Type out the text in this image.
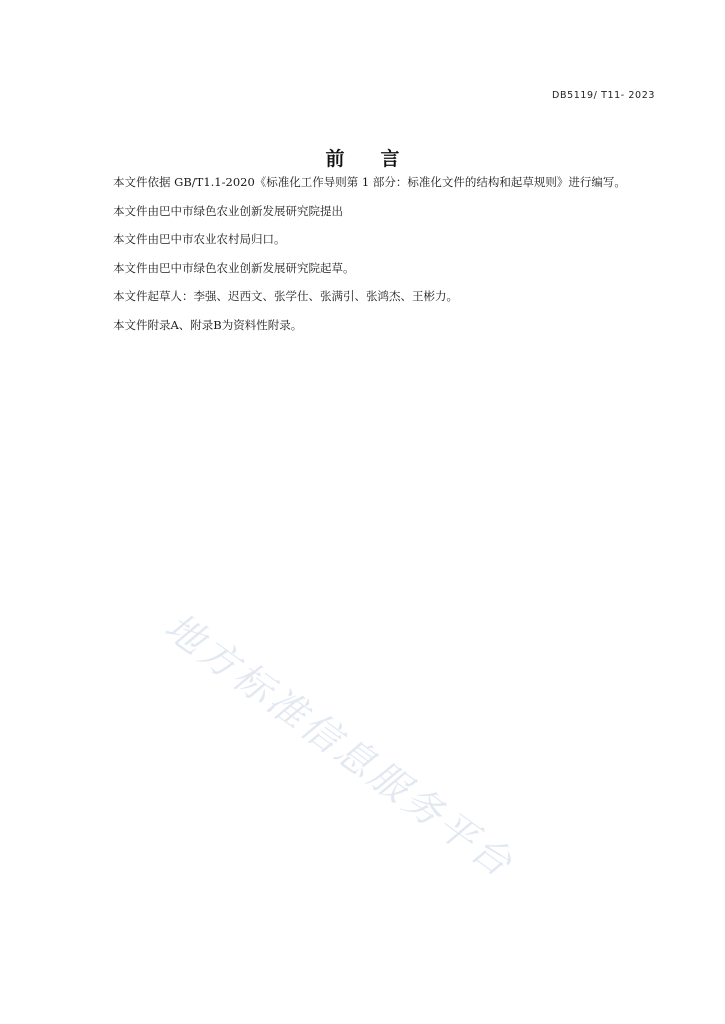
DB5119/ T11- 2023
前言

本文件依据 GB/T1.1-2020《标准化工作导则第 1 部分：标准化文件的结构和起草规则》进行编写。

本文件由巴中市绿色农业创新发展研究院提出

本文件由巴中市农业农村局归口。

本文件由巴中市绿色农业创新发展研究院起草。

本文件起草人：李强、迟西文、张学仕、张满引、张鸿杰、王彬力。

本文件附录A、附录B为资料性附录。

地方标准信息服务平台
